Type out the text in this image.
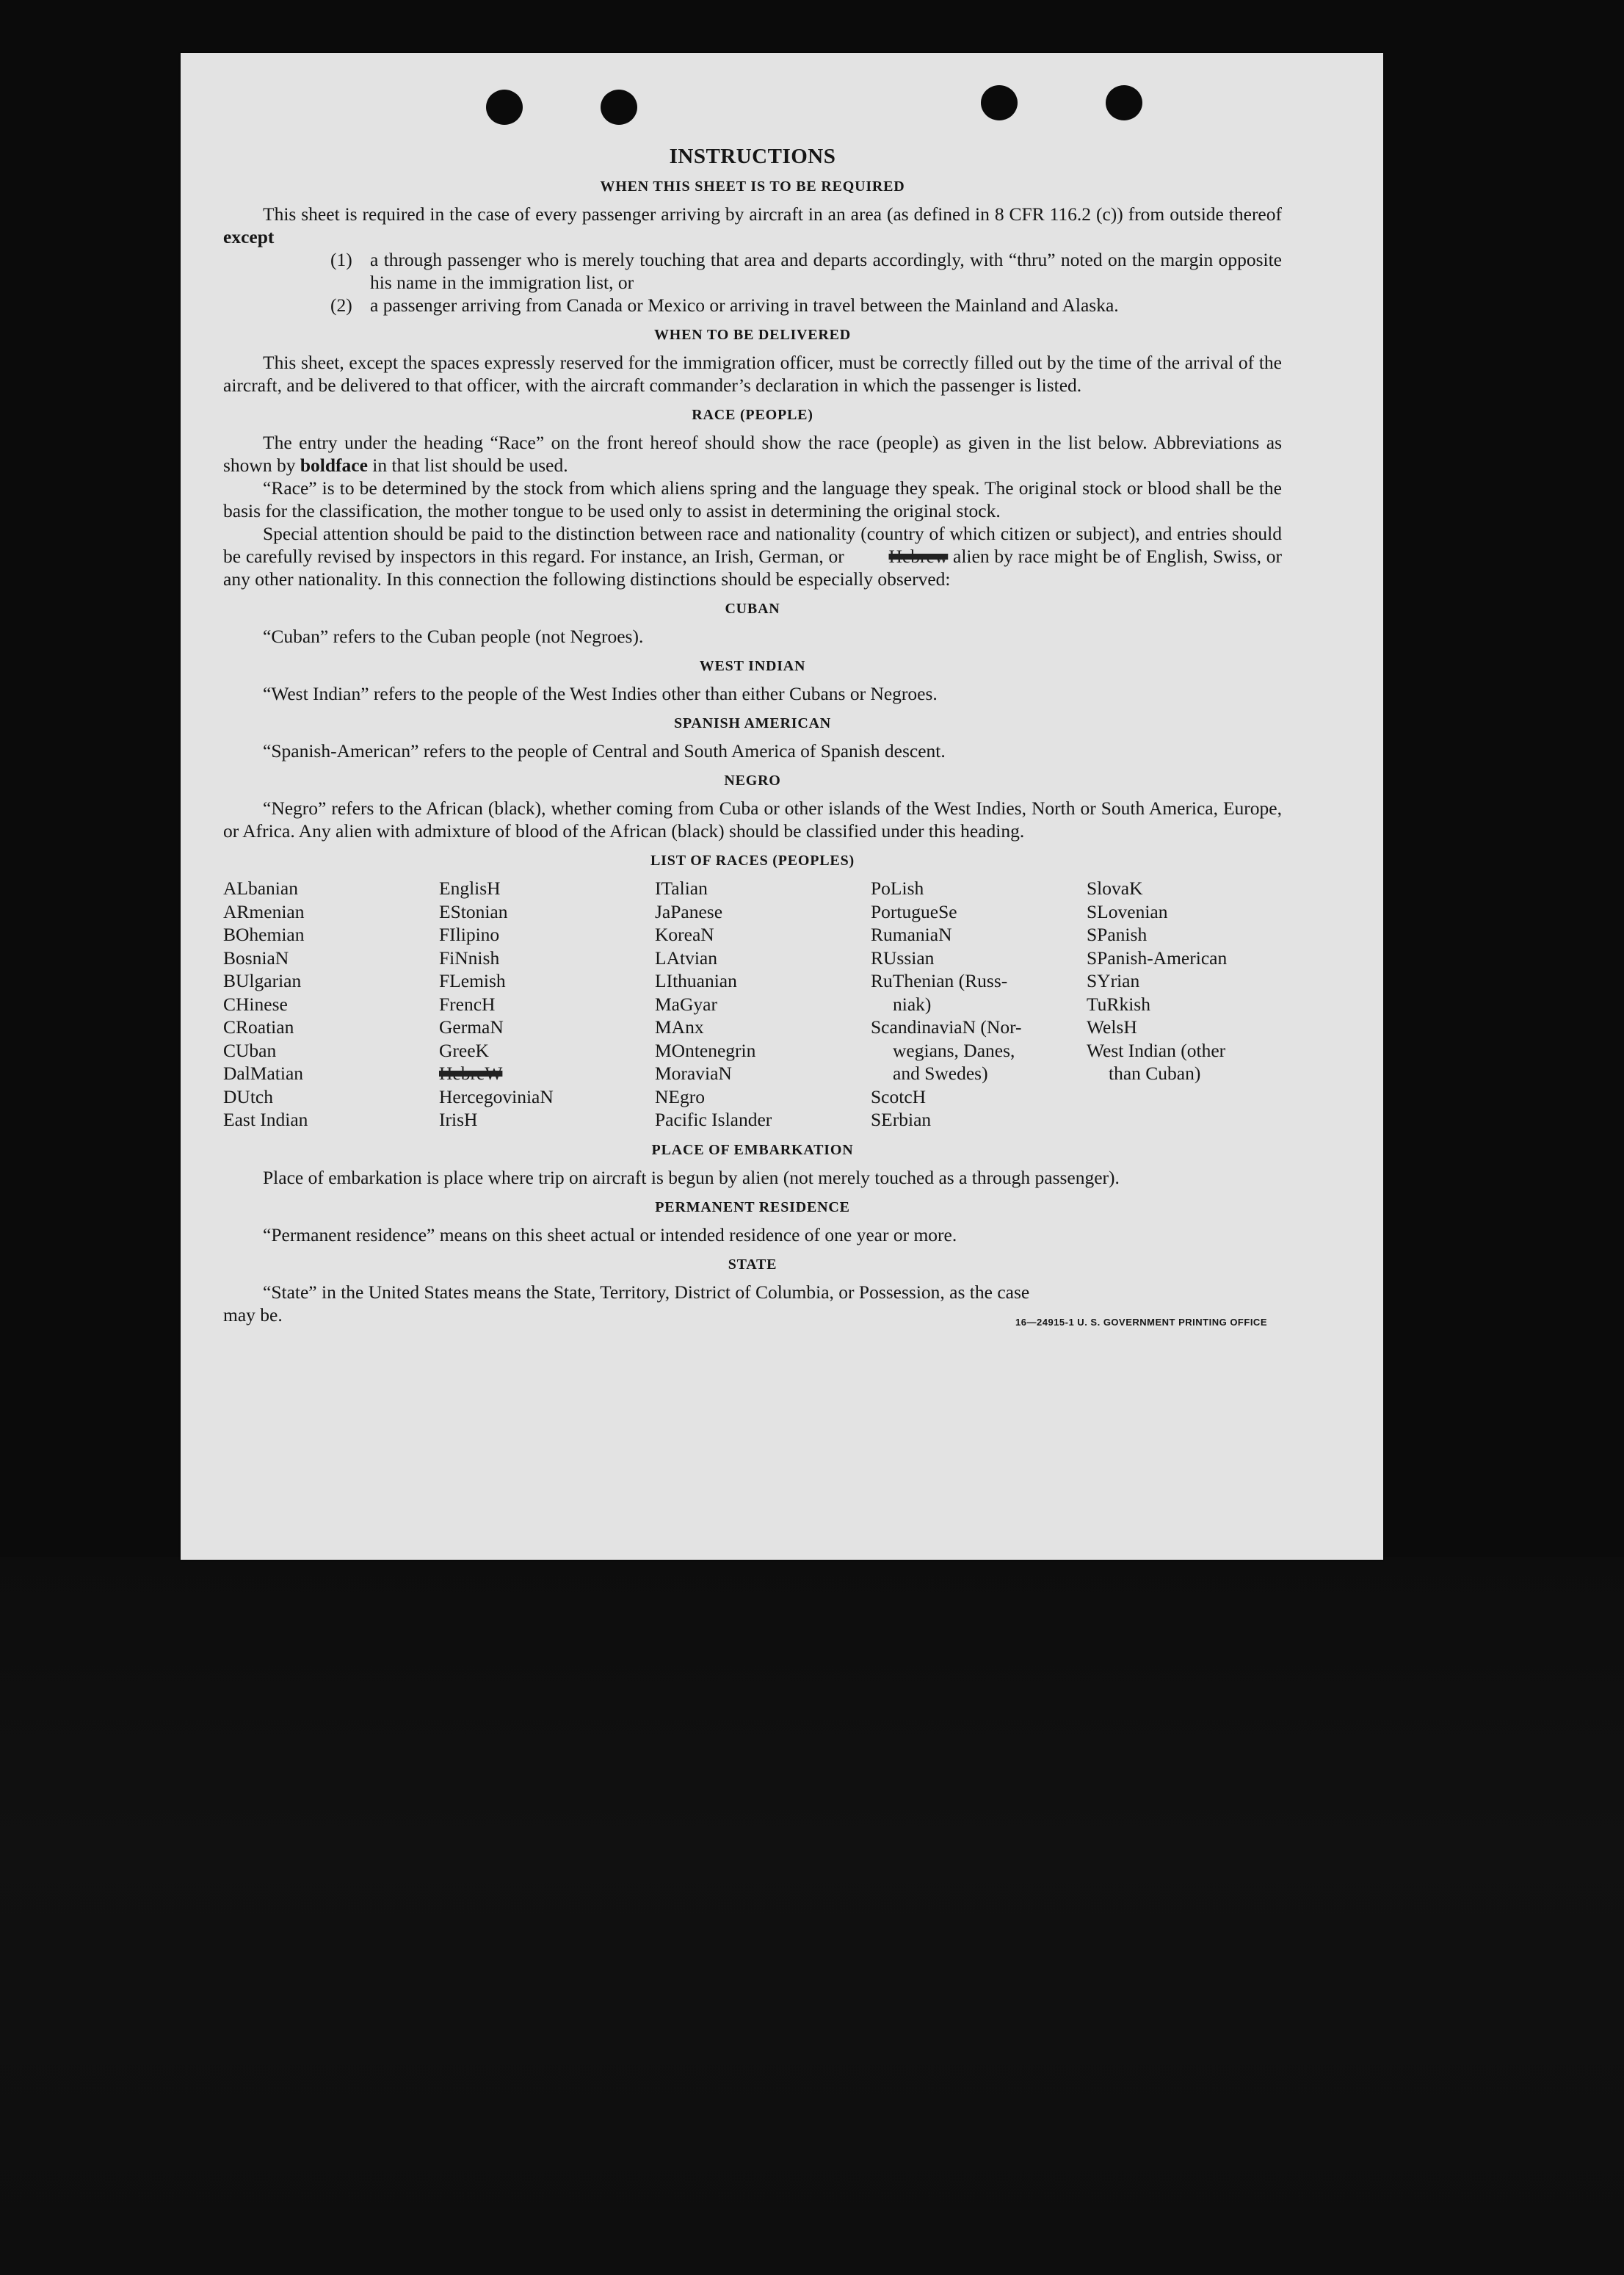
INSTRUCTIONS
WHEN THIS SHEET IS TO BE REQUIRED

This sheet is required in the case of every passenger arriving by aircraft in an area (as defined in 8 CFR 116.2 (c)) from outside thereof except

(1) a through passenger who is merely touching that area and departs accordingly, with “thru” noted on the margin opposite his name in the immigration list, or

(2) a passenger arriving from Canada or Mexico or arriving in travel between the Mainland and Alaska.

WHEN TO BE DELIVERED

This sheet, except the spaces expressly reserved for the immigration officer, must be correctly filled out by the time of the arrival of the aircraft, and be delivered to that officer, with the aircraft commander’s declaration in which the passenger is listed.

RACE (PEOPLE)

The entry under the heading “Race” on the front hereof should show the race (people) as given in the list below. Abbreviations as shown by boldface in that list should be used.

“Race” is to be determined by the stock from which aliens spring and the language they speak. The original stock or blood shall be the basis for the classification, the mother tongue to be used only to assist in determining the original stock.

Special attention should be paid to the distinction between race and nationality (country of which citizen or subject), and entries should be carefully revised by inspectors in this regard. For instance, an Irish, German, or Hebrew alien by race might be of English, Swiss, or any other nationality. In this connection the following distinctions should be especially observed:

CUBAN

“Cuban” refers to the Cuban people (not Negroes).

WEST INDIAN

“West Indian” refers to the people of the West Indies other than either Cubans or Negroes.

SPANISH AMERICAN

“Spanish-American” refers to the people of Central and South America of Spanish descent.

NEGRO

“Negro” refers to the African (black), whether coming from Cuba or other islands of the West Indies, North or South America, Europe, or Africa. Any alien with admixture of blood of the African (black) should be classified under this heading.

LIST OF RACES (PEOPLES)
ALbanian
ARmenian
BOhemian
BosniaN
BUlgarian
CHinese
CRoatian
CUban
DalMatian
DUtch
East Indian
EnglisH
EStonian
FIlipino
FiNnish
FLemish
FrencH
GermaN
GreeK
HebreW
HercegoviniaN
IrisH
ITalian
JaPanese
KoreaN
LAtvian
LIthuanian
MaGyar
MAnx
MOntenegrin
MoraviaN
NEgro
Pacific Islander
PoLish
PortugueSe
RumaniaN
RUssian
RuThenian (Russ-
niak)
ScandinaviaN (Nor-
wegians, Danes,
and Swedes)
ScotcH
SErbian
SlovaK
SLovenian
SPanish
SPanish-American
SYrian
TuRkish
WelsH
West Indian (other
than Cuban)
PLACE OF EMBARKATION

Place of embarkation is place where trip on aircraft is begun by alien (not merely touched as a through passenger).

PERMANENT RESIDENCE

“Permanent residence” means on this sheet actual or intended residence of one year or more.

STATE

“State” in the United States means the State, Territory, District of Columbia, or Possession, as the case

may be.	16—24915-1 U. S. GOVERNMENT PRINTING OFFICE
